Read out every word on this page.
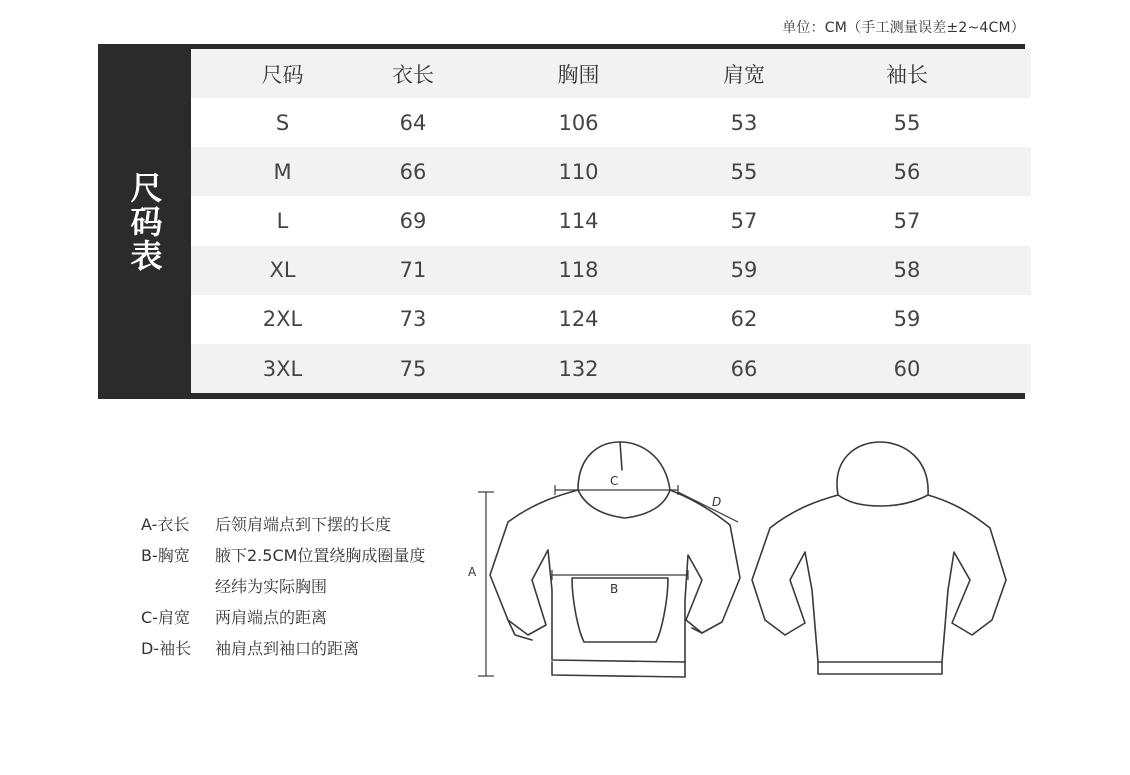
单位：CM（手工测量误差±2~4CM）
尺码表
尺码	衣长	胸围	肩宽	袖长
S	64	106	53	55
M	66	110	55	56
L	69	114	57	57
XL	71	118	59	58
2XL	73	124	62	59
3XL	75	132	66	60
A-衣长	后领肩端点到下摆的长度
B-胸宽	腋下2.5CM位置绕胸成圈量度经纬为实际胸围
C-肩宽	两肩端点的距离
D-袖长	袖肩点到袖口的距离
A
B
C
D
